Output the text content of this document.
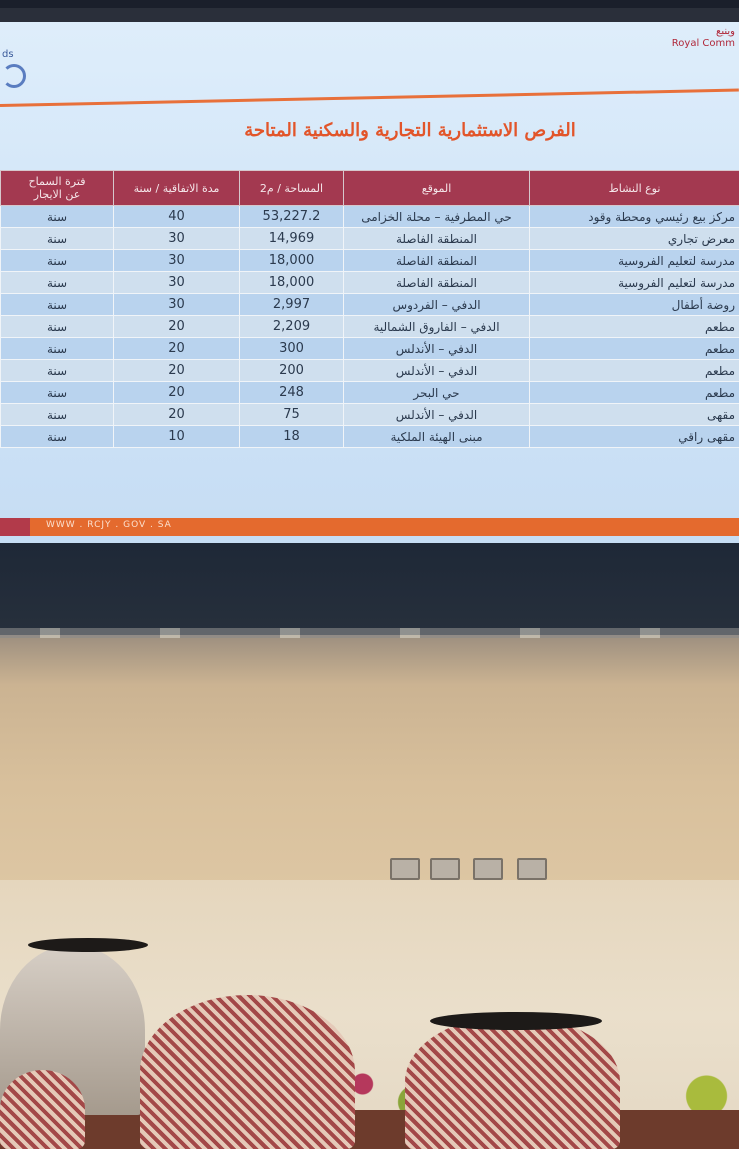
وينبع
Royal Comm
ds
الفرص الاستثمارية التجارية والسكنية المتاحة
نوع النشاط	الموقع	المساحة / م2	مدة الاتفاقية / سنة	فترة السماح
عن الايجار

مركز بيع رئيسي ومحطة وقود	حي المطرفية – محلة الخزامى	53,227.2	40	سنة
معرض تجاري	المنطقة الفاصلة	14,969	30	سنة
مدرسة لتعليم الفروسية	المنطقة الفاصلة	18,000	30	سنة
مدرسة لتعليم الفروسية	المنطقة الفاصلة	18,000	30	سنة
روضة أطفال	الدفي – الفردوس	2,997	30	سنة
مطعم	الدفي – الفاروق الشمالية	2,209	20	سنة
مطعم	الدفي – الأندلس	300	20	سنة
مطعم	الدفي – الأندلس	200	20	سنة
مطعم	حي البحر	248	20	سنة
مقهى	الدفي – الأندلس	75	20	سنة
مقهى راقي	مبنى الهيئة الملكية	18	10	سنة
WWW . RCJY . GOV . SA
